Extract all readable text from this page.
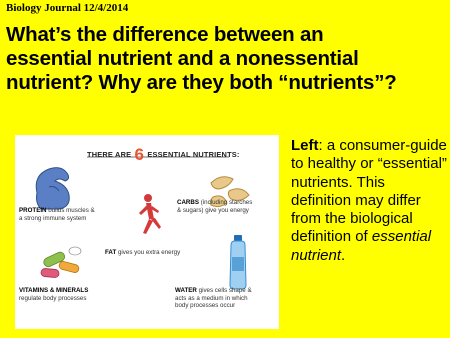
Biology Journal 12/4/2014
What’s the difference between an
essential nutrient and a nonessential
nutrient? Why are they both “nutrients”?
THERE ARE 6 ESSENTIAL NUTRIENTS:
PROTEIN builds muscles &
a strong immune system
CARBS (including starches
& sugars) give you energy
FAT gives you extra energy
VITAMINS & MINERALS
regulate body processes
WATER gives cells shape &
acts as a medium in which
body processes occur
Left: a consumer-guide to healthy or “essential” nutrients. This definition may differ from the biological definition of essential nutrient.
